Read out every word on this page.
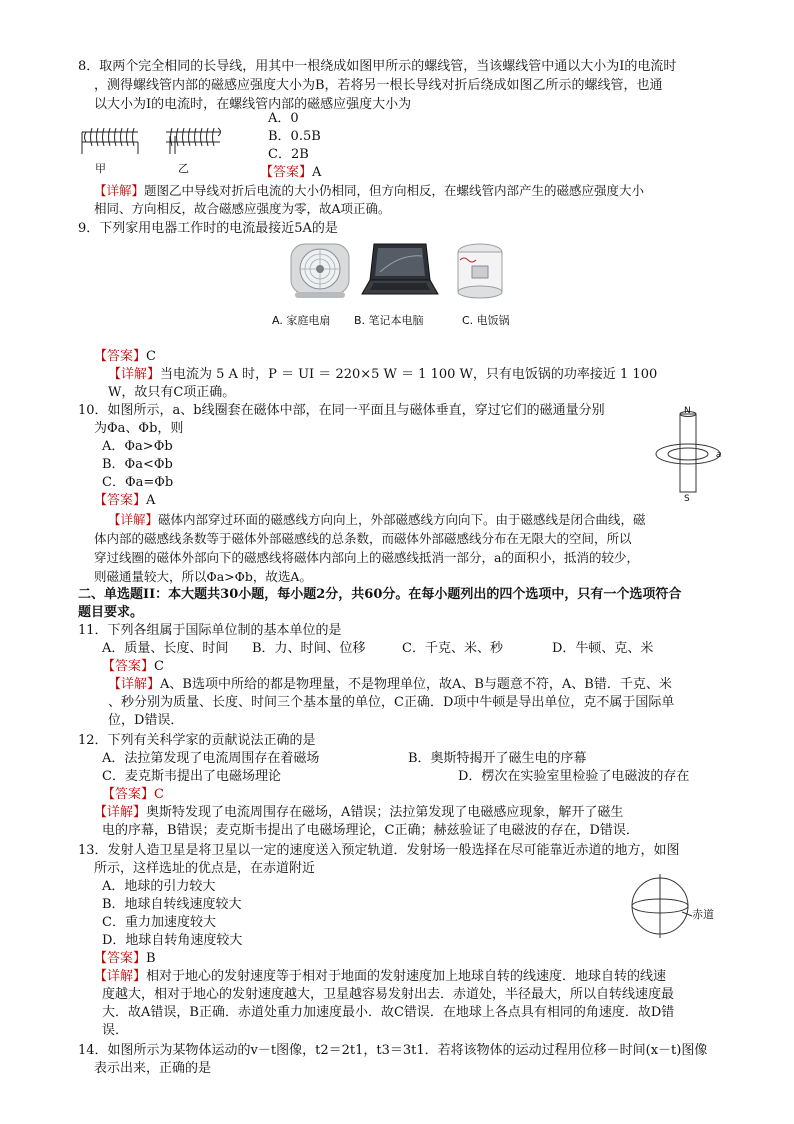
8．取两个完全相同的长导线，用其中一根绕成如图甲所示的螺线管，当该螺线管中通以大小为I的电流时
，测得螺线管内部的磁感应强度大小为B，若将另一根长导线对折后绕成如图乙所示的螺线管，也通
以大小为I的电流时，在螺线管内部的磁感应强度大小为
甲	乙
A．0
B．0.5B
C．2B
【答案】A
【详解】题图乙中导线对折后电流的大小仍相同，但方向相反，在螺线管内部产生的磁感应强度大小
相同、方向相反，故合磁感应强度为零，故A项正确。
9．下列家用电器工作时的电流最接近5A的是
A. 家庭电扇 B. 笔记本电脑	C. 电饭锅
【答案】C
【详解】当电流为 5 A 时，P ＝ UI ＝ 220×5 W ＝ 1 100 W，只有电饭锅的功率接近 1 100
W，故只有C项正确。
10．如图所示，a、b线圈套在磁体中部，在同一平面且与磁体垂直，穿过它们的磁通量分别
为Φa、Φb，则
A．Φa>Φb
B．Φa<Φb
C．Φa=Φb
【答案】A
N
S
a
【详解】磁体内部穿过环面的磁感线方向向上，外部磁感线方向向下。由于磁感线是闭合曲线，磁
体内部的磁感线条数等于磁体外部磁感线的总条数，而磁体外部磁感线分布在无限大的空间，所以
穿过线圈的磁体外部向下的磁感线将磁体内部向上的磁感线抵消一部分，a的面积小，抵消的较少，
则磁通量较大，所以Φa>Φb，故选A。
二、单选题II：本大题共30小题，每小题2分，共60分。在每小题列出的四个选项中，只有一个选项符合
题目要求。
11．下列各组属于国际单位制的基本单位的是
A．质量、长度、时间 B．力、时间、位移	C．千克、米、秒	D．牛顿、克、米
【答案】C
【详解】A、B选项中所给的都是物理量，不是物理单位，故A、B与题意不符，A、B错．千克、米
、秒分别为质量、长度、时间三个基本量的单位，C正确．D项中牛顿是导出单位，克不属于国际单
位，D错误．
12．下列有关科学家的贡献说法正确的是
A．法拉第发现了电流周围存在着磁场	B．奥斯特揭开了磁生电的序幕
C．麦克斯韦提出了电磁场理论	D．楞次在实验室里检验了电磁波的存在
【答案】C
【详解】奥斯特发现了电流周围存在磁场，A错误；法拉第发现了电磁感应现象，解开了磁生
电的序幕，B错误；麦克斯韦提出了电磁场理论，C正确；赫兹验证了电磁波的存在，D错误．
13．发射人造卫星是将卫星以一定的速度送入预定轨道．发射场一般选择在尽可能靠近赤道的地方，如图
所示，这样选址的优点是，在赤道附近
A．地球的引力较大
B．地球自转线速度较大
C．重力加速度较大
D．地球自转角速度较大
赤道
【答案】B
【详解】相对于地心的发射速度等于相对于地面的发射速度加上地球自转的线速度．地球自转的线速
度越大，相对于地心的发射速度越大，卫星越容易发射出去．赤道处，半径最大，所以自转线速度最
大．故A错误，B正确．赤道处重力加速度最小．故C错误．在地球上各点具有相同的角速度．故D错
误．
14．如图所示为某物体运动的v－t图像，t2＝2t1，t3＝3t1．若将该物体的运动过程用位移－时间(x－t)图像
表示出来，正确的是
